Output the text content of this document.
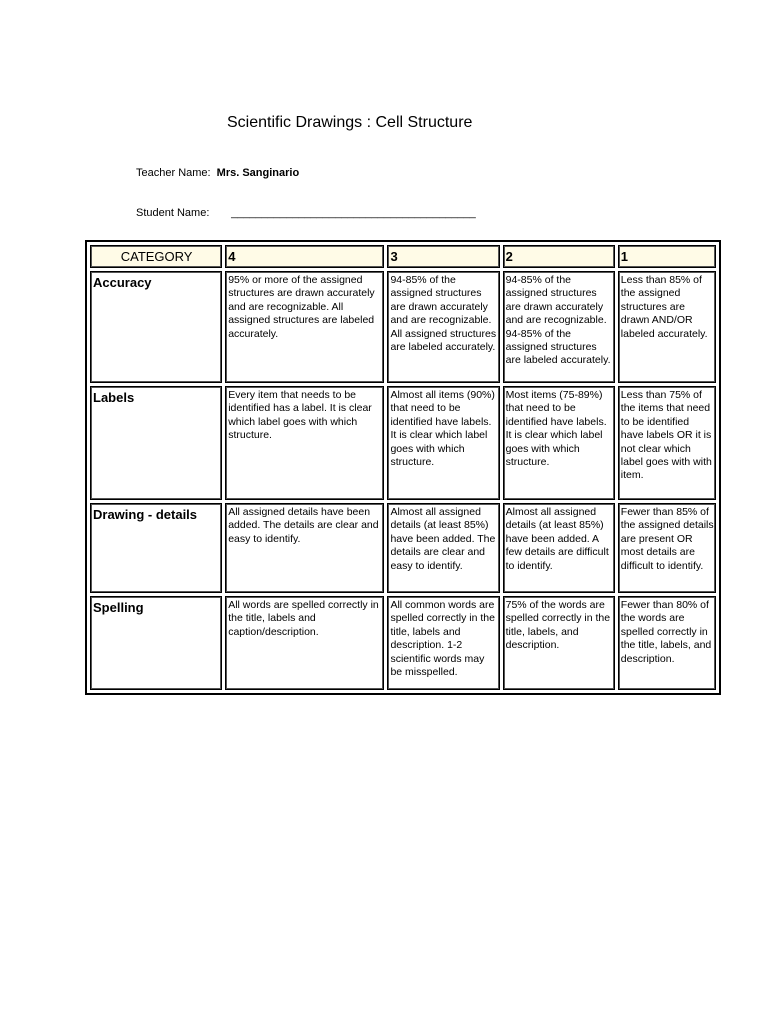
Scientific Drawings : Cell Structure
Teacher Name: Mrs. Sanginario
Student Name: ________________________________________
CATEGORY	4	3	2	1
Accuracy	95% or more of the assigned structures are drawn accurately and are recognizable. All assigned structures are labeled accurately.	94-85% of the assigned structures are drawn accurately and are recognizable. All assigned structures are labeled accurately.	94-85% of the assigned structures are drawn accurately and are recognizable. 94-85% of the assigned structures are labeled accurately.	Less than 85% of the assigned structures are drawn AND/OR labeled accurately.
Labels	Every item that needs to be identified has a label. It is clear which label goes with which structure.	Almost all items (90%) that need to be identified have labels. It is clear which label goes with which structure.	Most items (75-89%) that need to be identified have labels. It is clear which label goes with which structure.	Less than 75% of the items that need to be identified have labels OR it is not clear which label goes with with item.
Drawing - details	All assigned details have been added. The details are clear and easy to identify.	Almost all assigned details (at least 85%) have been added. The details are clear and easy to identify.	Almost all assigned details (at least 85%) have been added. A few details are difficult to identify.	Fewer than 85% of the assigned details are present OR most details are difficult to identify.
Spelling	All words are spelled correctly in the title, labels and caption/description.	All common words are spelled correctly in the title, labels and description. 1-2 scientific words may be misspelled.	75% of the words are spelled correctly in the title, labels, and description.	Fewer than 80% of the words are spelled correctly in the title, labels, and description.
